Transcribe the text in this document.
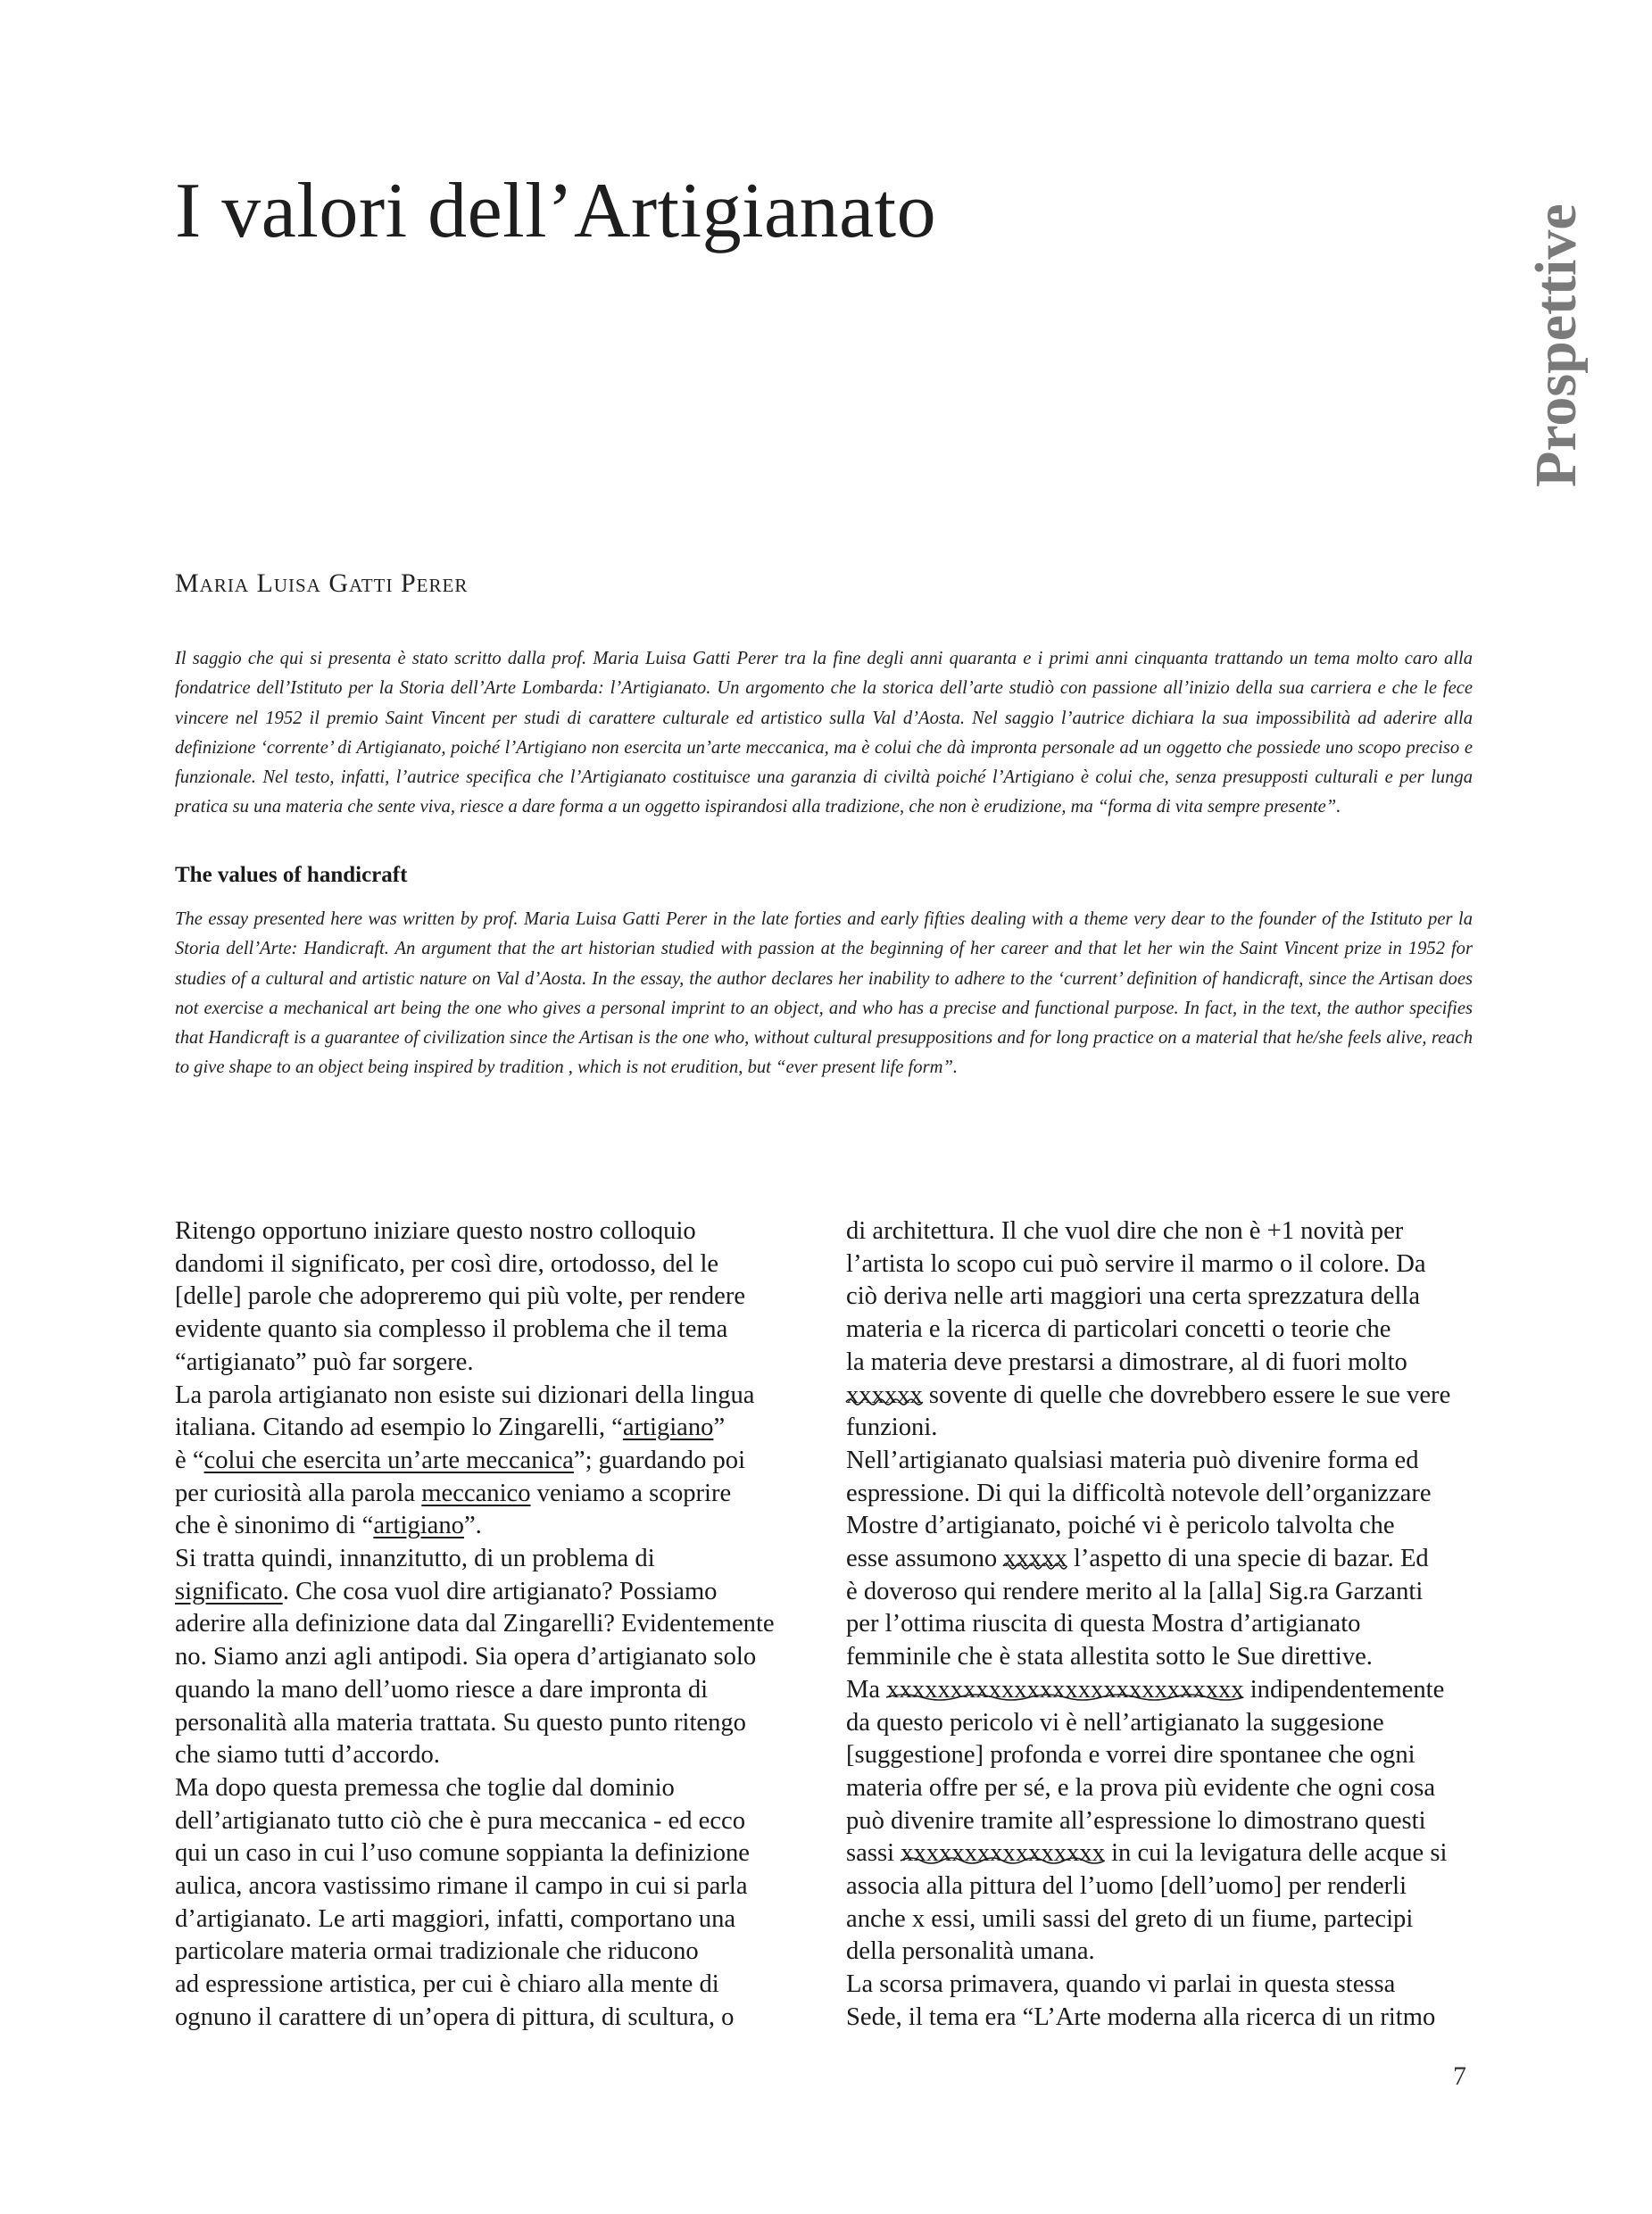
I valori dell’Artigianato	Prospettive

Maria Luisa Gatti Perer

Il saggio che qui si presenta è stato scritto dalla prof. Maria Luisa Gatti Perer tra la fine degli anni quaranta e i primi anni cinquanta trattando un tema molto caro alla fondatrice dell’Istituto per la Storia dell’Arte Lombarda: l’Artigianato. Un argomento che la storica dell’arte studiò con passione all’inizio della sua carriera e che le fece vincere nel 1952 il premio Saint Vincent per studi di carattere culturale ed artistico sulla Val d’Aosta. Nel saggio l’autrice dichiara la sua impossibilità ad aderire alla definizione ‘corrente’ di Artigianato, poiché l’Artigiano non esercita un’arte meccanica, ma è colui che dà impronta personale ad un oggetto che possiede uno scopo preciso e funzionale. Nel testo, infatti, l’autrice specifica che l’Artigianato costituisce una garanzia di civiltà poiché l’Artigiano è colui che, senza presupposti culturali e per lunga pratica su una materia che sente viva, riesce a dare forma a un oggetto ispirandosi alla tradizione, che non è erudizione, ma “forma di vita sempre presente”.

The values of handicraft

The essay presented here was written by prof. Maria Luisa Gatti Perer in the late forties and early fifties dealing with a theme very dear to the founder of the Istituto per la Storia dell’Arte: Handicraft. An argument that the art historian studied with passion at the beginning of her career and that let her win the Saint Vincent prize in 1952 for studies of a cultural and artistic nature on Val d’Aosta. In the essay, the author declares her inability to adhere to the ‘current’ definition of handicraft, since the Artisan does not exercise a mechanical art being the one who gives a personal imprint to an object, and who has a precise and functional purpose. In fact, in the text, the author specifies that Handicraft is a guarantee of civilization since the Artisan is the one who, without cultural presuppositions and for long practice on a material that he/she feels alive, reach to give shape to an object being inspired by tradition , which is not erudition, but “ever present life form”.

Ritengo opportuno iniziare questo nostro colloquio

dandomi il significato, per così dire, ortodosso, del le

[delle] parole che adopreremo qui più volte, per rendere

evidente quanto sia complesso il problema che il tema

“artigianato” può far sorgere.

La parola artigianato non esiste sui dizionari della lingua

italiana. Citando ad esempio lo Zingarelli, “artigiano”

è “colui che esercita un’arte meccanica”; guardando poi

per curiosità alla parola meccanico veniamo a scoprire

che è sinonimo di “artigiano”.

Si tratta quindi, innanzitutto, di un problema di

significato. Che cosa vuol dire artigianato? Possiamo

aderire alla definizione data dal Zingarelli? Evidentemente

no. Siamo anzi agli antipodi. Sia opera d’artigianato solo

quando la mano dell’uomo riesce a dare impronta di

personalità alla materia trattata. Su questo punto ritengo

che siamo tutti d’accordo.

Ma dopo questa premessa che toglie dal dominio

dell’artigianato tutto ciò che è pura meccanica - ed ecco

qui un caso in cui l’uso comune soppianta la definizione

aulica, ancora vastissimo rimane il campo in cui si parla

d’artigianato. Le arti maggiori, infatti, comportano una

particolare materia ormai tradizionale che riducono

ad espressione artistica, per cui è chiaro alla mente di

ognuno il carattere di un’opera di pittura, di scultura, o

di architettura. Il che vuol dire che non è +1 novità per

l’artista lo scopo cui può servire il marmo o il colore. Da

ciò deriva nelle arti maggiori una certa sprezzatura della

materia e la ricerca di particolari concetti o teorie che

la materia deve prestarsi a dimostrare, al di fuori molto

xxxxxx
sovente di quelle che dovrebbero essere le sue vere

funzioni.

Nell’artigianato qualsiasi materia può divenire forma ed

espressione. Di qui la difficoltà notevole dell’organizzare

Mostre d’artigianato, poiché vi è pericolo talvolta che

esse assumono xxxxx
l’aspetto di una specie di bazar. Ed

è doveroso qui rendere merito al la [alla] Sig.ra Garzanti

per l’ottima riuscita di questa Mostra d’artigianato

femminile che è stata allestita sotto le Sue direttive.

Ma xxxxxxxxxxxxxxxxxxxxxxxxxxxx
indipendentemente

da questo pericolo vi è nell’artigianato la suggesione

[suggestione] profonda e vorrei dire spontanee che ogni

materia offre per sé, e la prova più evidente che ogni cosa

può divenire tramite all’espressione lo dimostrano questi

sassi xxxxxxxxxxxxxxxx
in cui la levigatura delle acque si

associa alla pittura del l’uomo [dell’uomo] per renderli

anche x essi, umili sassi del greto di un fiume, partecipi

della personalità umana.

La scorsa primavera, quando vi parlai in questa stessa

Sede, il tema era “L’Arte moderna alla ricerca di un ritmo

7
